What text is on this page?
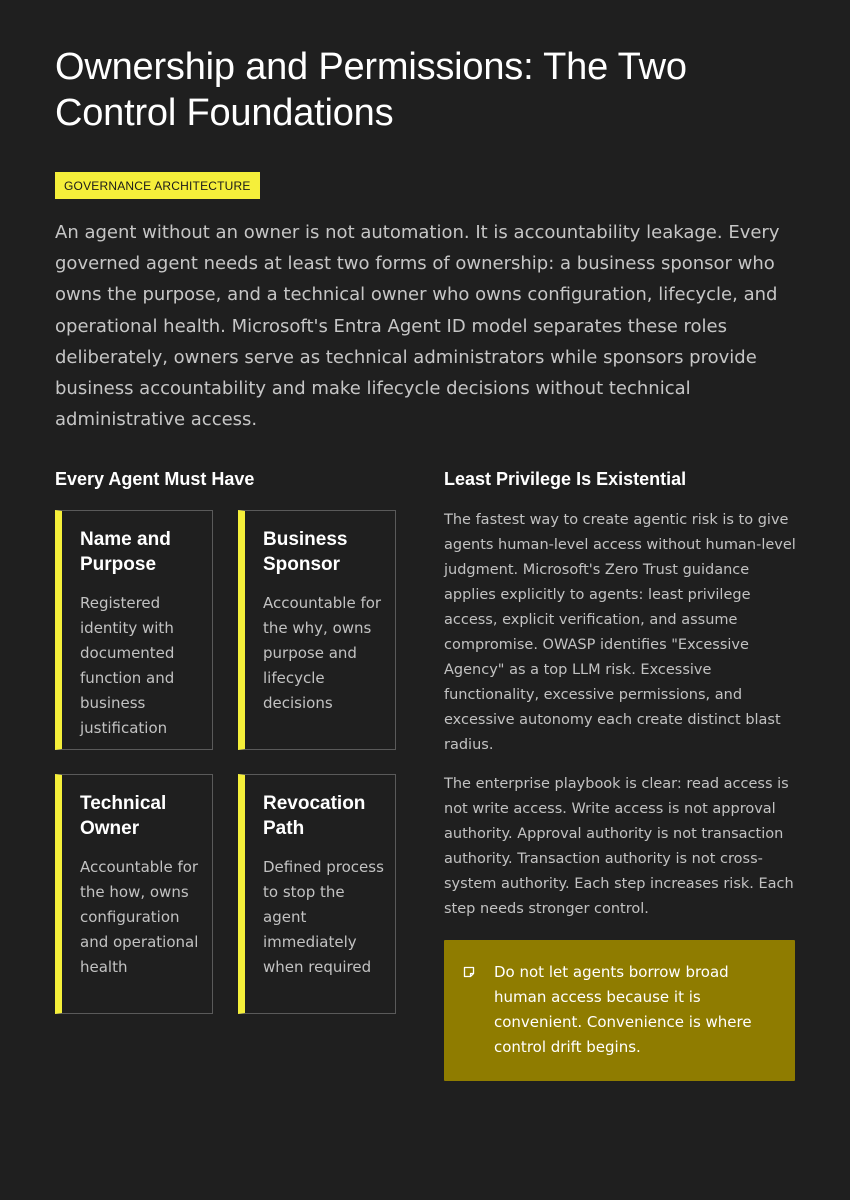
Ownership and Permissions: The Two Control Foundations
GOVERNANCE ARCHITECTURE
An agent without an owner is not automation. It is accountability leakage. Every governed agent needs at least two forms of ownership: a business sponsor who owns the purpose, and a technical owner who owns configuration, lifecycle, and operational health. Microsoft's Entra Agent ID model separates these roles deliberately, owners serve as technical administrators while sponsors provide business accountability and make lifecycle decisions without technical administrative access.
Every Agent Must Have
Name and Purpose
Registered identity with documented function and business justification
Business Sponsor
Accountable for the why, owns purpose and lifecycle decisions
Technical Owner
Accountable for the how, owns configuration and operational health
Revocation Path
Defined process to stop the agent immediately when required
Least Privilege Is Existential

The fastest way to create agentic risk is to give agents human-level access without human-level judgment. Microsoft's Zero Trust guidance applies explicitly to agents: least privilege access, explicit verification, and assume compromise. OWASP identifies "Excessive Agency" as a top LLM risk. Excessive functionality, excessive permissions, and excessive autonomy each create distinct blast radius.

The enterprise playbook is clear: read access is not write access. Write access is not approval authority. Approval authority is not transaction authority. Transaction authority is not cross-system authority. Each step increases risk. Each step needs stronger control.

Do not let agents borrow broad human access because it is convenient. Convenience is where control drift begins.
